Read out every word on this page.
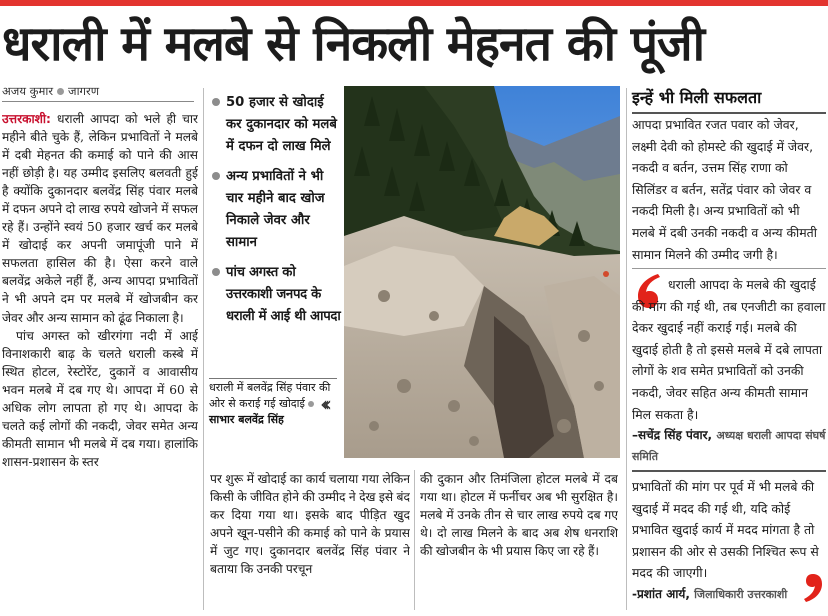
धराली में मलबे से निकली मेहनत की पूंजी
अजय कुमार जागरण

उत्तरकाशी: धराली आपदा को भले ही चार महीने बीते चुके हैं, लेकिन प्रभावितों ने मलबे में दबी मेहनत की कमाई को पाने की आस नहीं छोड़ी है। यह उम्मीद इसलिए बलवती हुई है क्योंकि दुकानदार बलवेंद्र सिंह पंवार मलबे में दफन अपने दो लाख रुपये खोजने में सफल रहे हैं। उन्होंने स्वयं 50 हजार खर्च कर मलबे में खोदाई कर अपनी जमापूंजी पाने में सफलता हासिल की है। ऐसा करने वाले बलवेंद्र अकेले नहीं हैं, अन्य आपदा प्रभावितों ने भी अपने दम पर मलबे में खोजबीन कर जेवर और अन्य सामान को ढूंढ निकाला है।

पांच अगस्त को खीरगंगा नदी में आई विनाशकारी बाढ़ के चलते धराली कस्बे में स्थित होटल, रेस्टोरेंट, दुकानें व आवासीय भवन मलबे में दब गए थे। आपदा में 60 से अधिक लोग लापता हो गए थे। आपदा के चलते कई लोगों की नकदी, जेवर समेत अन्य कीमती सामान भी मलबे में दब गया। हालांकि शासन-प्रशासन के स्तर

50 हजार से खोदाई कर दुकानदार को मलबे में दफन दो लाख मिले
अन्य प्रभावितों ने भी चार महीने बाद खोज निकाले जेवर और सामान
पांच अगस्त को उत्तरकाशी जनपद के धराली में आई थी आपदा
धराली में बलवेंद्र सिंह पंवार की ओर से कराई गई खोदाईसाभार बलवेंद्र सिंह
‹‹‹

पर शुरू में खोदाई का कार्य चलाया गया लेकिन किसी के जीवित होने की उम्मीद ने देख इसे बंद कर दिया गया था। इसके बाद पीड़ित खुद अपने खून-पसीने की कमाई को पाने के प्रयास में जुट गए। दुकानदार बलवेंद्र सिंह पंवार ने बताया कि उनकी परचून

की दुकान और तिमंजिला होटल मलबे में दब गया था। होटल में फर्नीचर अब भी सुरक्षित है। मलबे में उनके तीन से चार लाख रुपये दब गए थे। दो लाख मिलने के बाद अब शेष धनराशि की खोजबीन के भी प्रयास किए जा रहे हैं।

इन्हें भी मिली सफलता
आपदा प्रभावित रजत पवार को जेवर, लक्ष्मी देवी को होमस्टे की खुदाई में जेवर, नकदी व बर्तन, उत्तम सिंह राणा को सिलिंडर व बर्तन, सतेंद्र पंवार को जेवर व नकदी मिली है। अन्य प्रभावितों को भी मलबे में दबी उनकी नकदी व अन्य कीमती सामान मिलने की उम्मीद जगी है।
धराली आपदा के मलबे की खुदाई की मांग की गई थी, तब एनजीटी का हवाला देकर खुदाई नहीं कराई गई। मलबे की खुदाई होती है तो इससे मलबे में दबे लापता लोगों के शव समेत प्रभावितों को उनकी नकदी, जेवर सहित अन्य कीमती सामान मिल सकता है।
–सचेंद्र सिंह पंवार, अध्यक्ष धराली आपदा संघर्ष समिति
प्रभावितों की मांग पर पूर्व में भी मलबे की खुदाई में मदद की गई थी, यदि कोई प्रभावित खुदाई कार्य में मदद मांगता है तो प्रशासन की ओर से उसकी निश्चित रूप से मदद की जाएगी।
-प्रशांत आर्य, जिलाधिकारी उत्तरकाशी
